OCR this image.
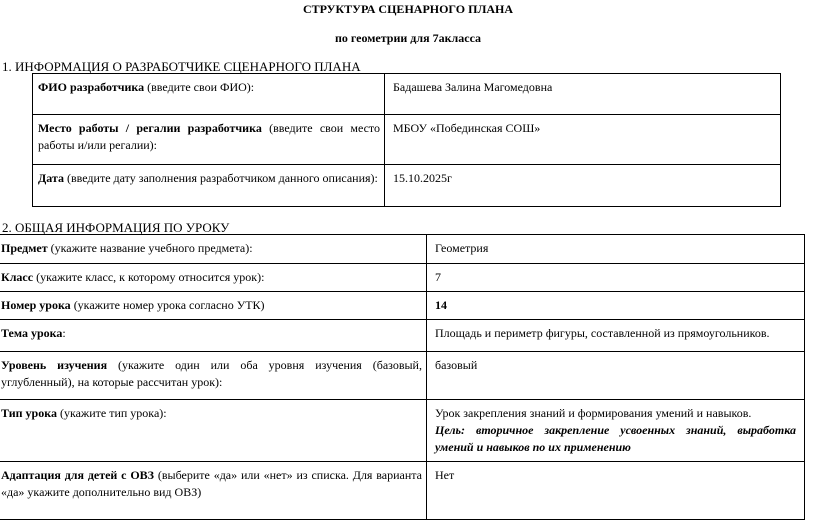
СТРУКТУРА СЦЕНАРНОГО ПЛАНА
по геометрии для 7акласса
1. ИНФОРМАЦИЯ О РАЗРАБОТЧИКЕ СЦЕНАРНОГО ПЛАНА
ФИО разработчика (введите свои ФИО):	Бадашева Залина Магомедовна
Место работы / регалии разработчика (введите свои место работы и/или регалии):	МБОУ «Побединская СОШ»
Дата (введите дату заполнения разработчиком данного описания):	15.10.2025г
2. ОБЩАЯ ИНФОРМАЦИЯ ПО УРОКУ
Предмет (укажите название учебного предмета):	Геометрия
Класс (укажите класс, к которому относится урок):	7
Номер урока (укажите номер урока согласно УТК)	14
Тема урока:	Площадь и периметр фигуры, составленной из прямоугольников.
Уровень изучения (укажите один или оба уровня изучения (базовый, углубленный), на которые рассчитан урок):	базовый
Тип урока (укажите тип урока):	Урок закрепления знаний и формирования умений и навыков.
Цель: вторичное закрепление усвоенных знаний, выработка умений и навыков по их применению

Адаптация для детей с ОВЗ (выберите «да» или «нет» из списка. Для варианта «да» укажите дополнительно вид ОВЗ)	Нет
